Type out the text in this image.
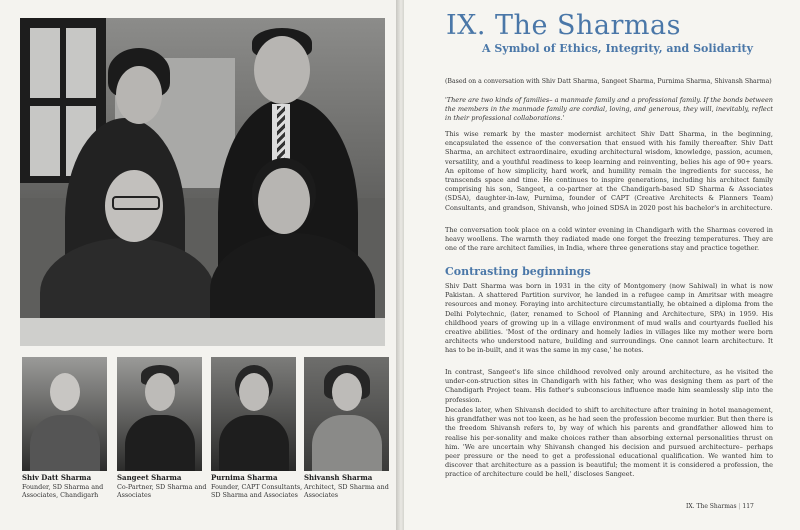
Shiv Datt Sharma
Founder, SD Sharma and Associates, Chandigarh
Sangeet Sharma
Co-Partner, SD Sharma and Associates
Purnima Sharma
Founder, CAPT Consultants, SD Sharma and Associates
Shivansh Sharma
Architect, SD Sharma and Associates
IX. The Sharmas
A Symbol of Ethics, Integrity, and Solidarity
(Based on a conversation with Shiv Datt Sharma, Sangeet Sharma, Purnima Sharma, Shivansh Sharma)
'There are two kinds of families– a manmade family and a professional family. If the bonds between the members in the manmade family are cordial, loving, and generous, they will, inevitably, reflect in their professional collaborations.'
This wise remark by the master modernist architect Shiv Datt Sharma, in the beginning, encapsulated the essence of the conversation that ensued with his family thereafter. Shiv Datt Sharma, an architect extraordinaire, exuding architectural wisdom, knowledge, passion, acumen, versatility, and a youthful readiness to keep learning and reinventing, belies his age of 90+ years. An epitome of how simplicity, hard work, and humility remain the ingredients for success, he transcends space and time. He continues to inspire generations, including his architect family comprising his son, Sangeet, a co-partner at the Chandigarh-based SD Sharma & Associates (SDSA), daughter-in-law, Purnima, founder of CAPT (Creative Architects & Planners Team) Consultants, and grandson, Shivansh, who joined SDSA in 2020 post his bachelor's in architecture.
The conversation took place on a cold winter evening in Chandigarh with the Sharmas covered in heavy woollens. The warmth they radiated made one forget the freezing temperatures. They are one of the rare architect families, in India, where three generations stay and practice together.
Contrasting beginnings
Shiv Datt Sharma was born in 1931 in the city of Montgomery (now Sahiwal) in what is now Pakistan. A shattered Partition survivor, he landed in a refugee camp in Amritsar with meagre resources and money. Forаying into architecture circumstantially, he obtained a diploma from the Delhi Polytechnic, (later, renamed to School of Planning and Architecture, SPA) in 1959. His childhood years of growing up in a village environment of mud walls and courtyards fuelled his creative abilities. 'Most of the ordinary and homely ladies in villages like my mother were born architects who understood nature, building and surroundings. One cannot learn architecture. It has to be in-built, and it was the same in my case,' he notes.
In contrast, Sangeet's life since childhood revolved only around architecture, as he visited the under-con-struction sites in Chandigarh with his father, who was designing them as part of the Chandigarh Project team. His father's subconscious influence made him seamlessly slip into the profession.
Decades later, when Shivansh decided to shift to architecture after training in hotel management, his grandfather was not too keen, as he had seen the profession become murkier. But then there is the freedom Shivansh refers to, by way of which his parents and grandfather allowed him to realise his per-sonality and make choices rather than absorbing external personalities thrust on him. 'We are uncertain why Shivansh changed his decision and pursued architecture– perhaps peer pressure or the need to get a professional educational qualification. We wanted him to discover that architecture as a passion is beautiful; the moment it is considered a profession, the practice of architecture could be hell,' discloses Sangeet.
IX. The Sharmas | 117
